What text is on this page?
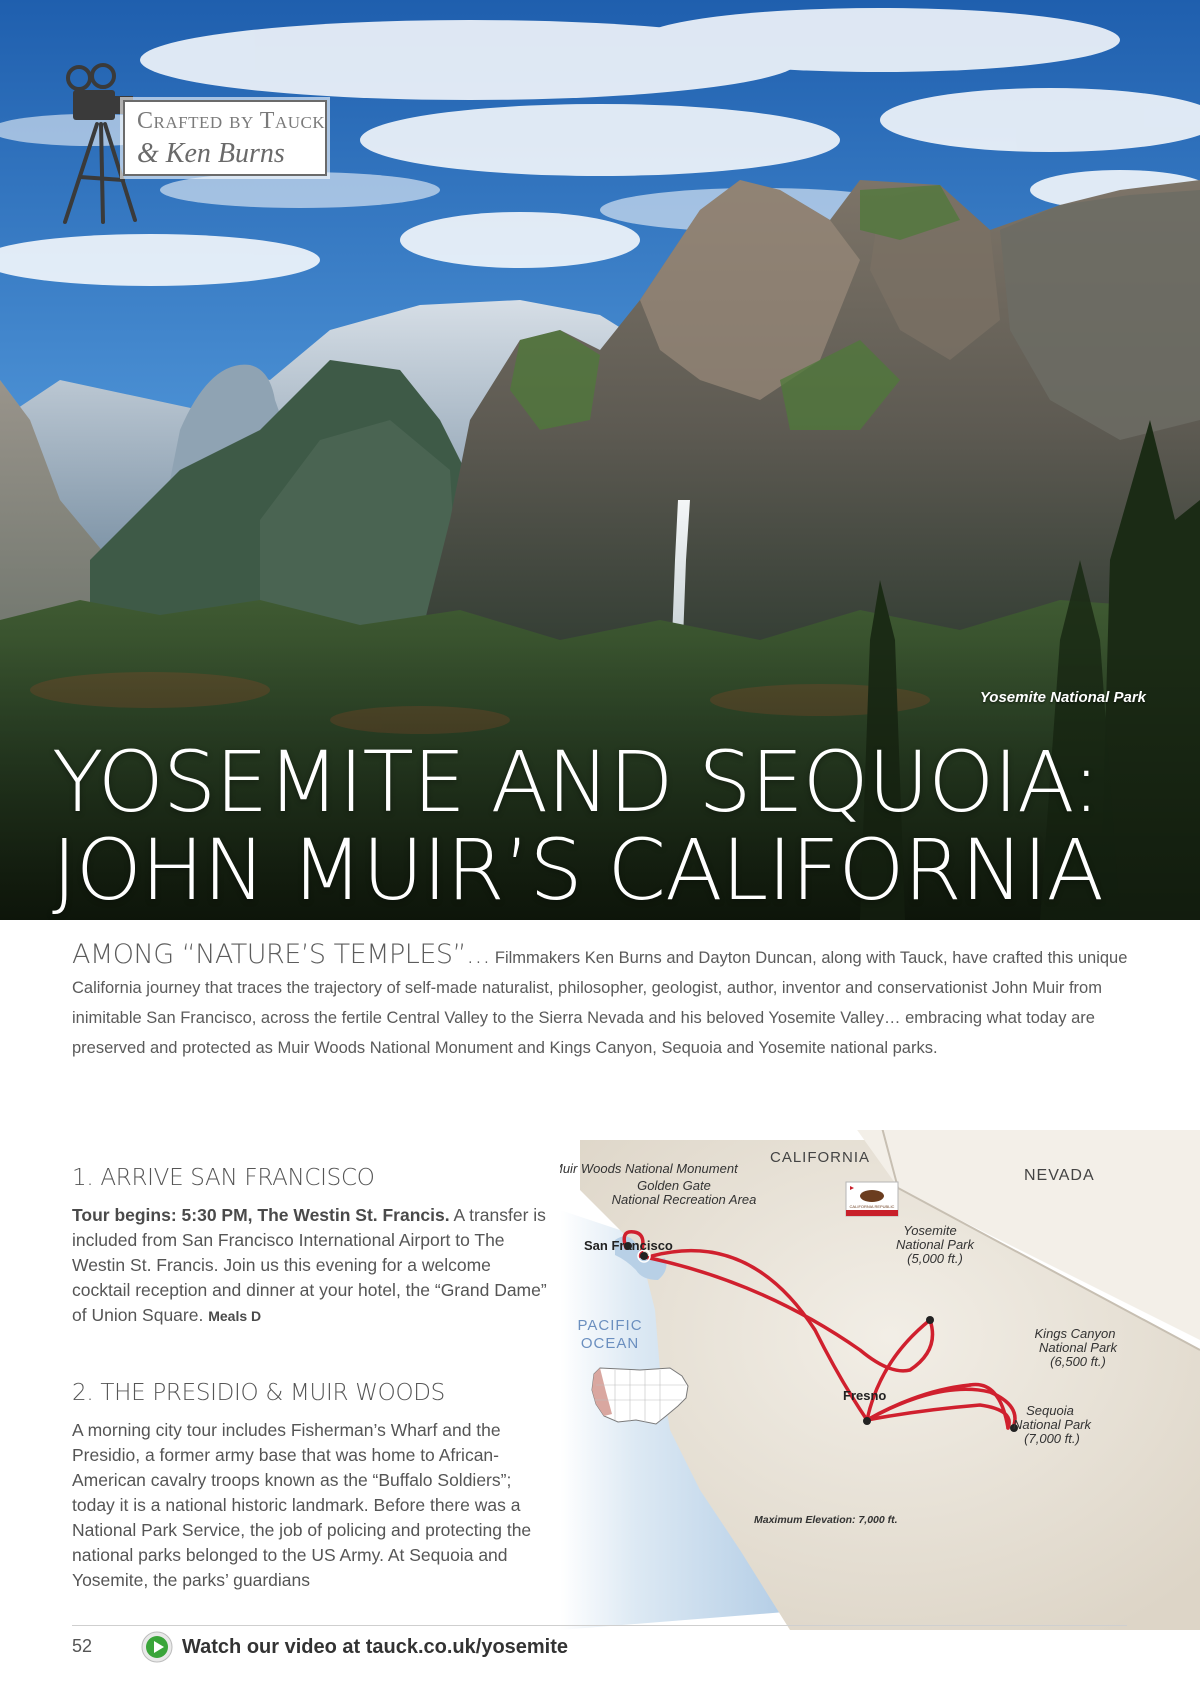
Crafted by Tauck
& Ken Burns
Yosemite National Park
YOSEMITE AND SEQUOIA:
JOHN MUIR’S CALIFORNIA
AMONG “NATURE’S TEMPLES”... Filmmakers Ken Burns and Dayton Duncan, along with Tauck, have crafted this unique California journey that traces the trajectory of self-made naturalist, philosopher, geologist, author, inventor and conservationist John Muir from inimitable San Francisco, across the fertile Central Valley to the Sierra Nevada and his beloved Yosemite Valley… embracing what today are preserved and protected as Muir Woods National Monument and Kings Canyon, Sequoia and Yosemite national parks.
1. ARRIVE SAN FRANCISCO
Tour begins: 5:30 PM, The Westin St. Francis. A transfer is included from San Francisco International Airport to The Westin St. Francis. Join us this evening for a welcome cocktail reception and dinner at your hotel, the “Grand Dame” of Union Square. Meals D
2. THE PRESIDIO & MUIR WOODS
A morning city tour includes Fisherman’s Wharf and the Presidio, a former army base that was home to African-American cavalry troops known as the “Buffalo Soldiers”; today it is a national historic landmark. Before there was a National Park Service, the job of policing and protecting the national parks belonged to the US Army. At Sequoia and Yosemite, the parks’ guardians
CALIFORNIA REPUBLIC
CALIFORNIA
NEVADA
PACIFIC
OCEAN
Muir Woods National Monument
Golden Gate
National Recreation Area
Yosemite
National Park
(5,000 ft.)
Kings Canyon
National Park
(6,500 ft.)
Sequoia
National Park
(7,000 ft.)
San Francisco
Fresno
Maximum Elevation: 7,000 ft.
52	Watch our video at tauck.co.uk/yosemite
